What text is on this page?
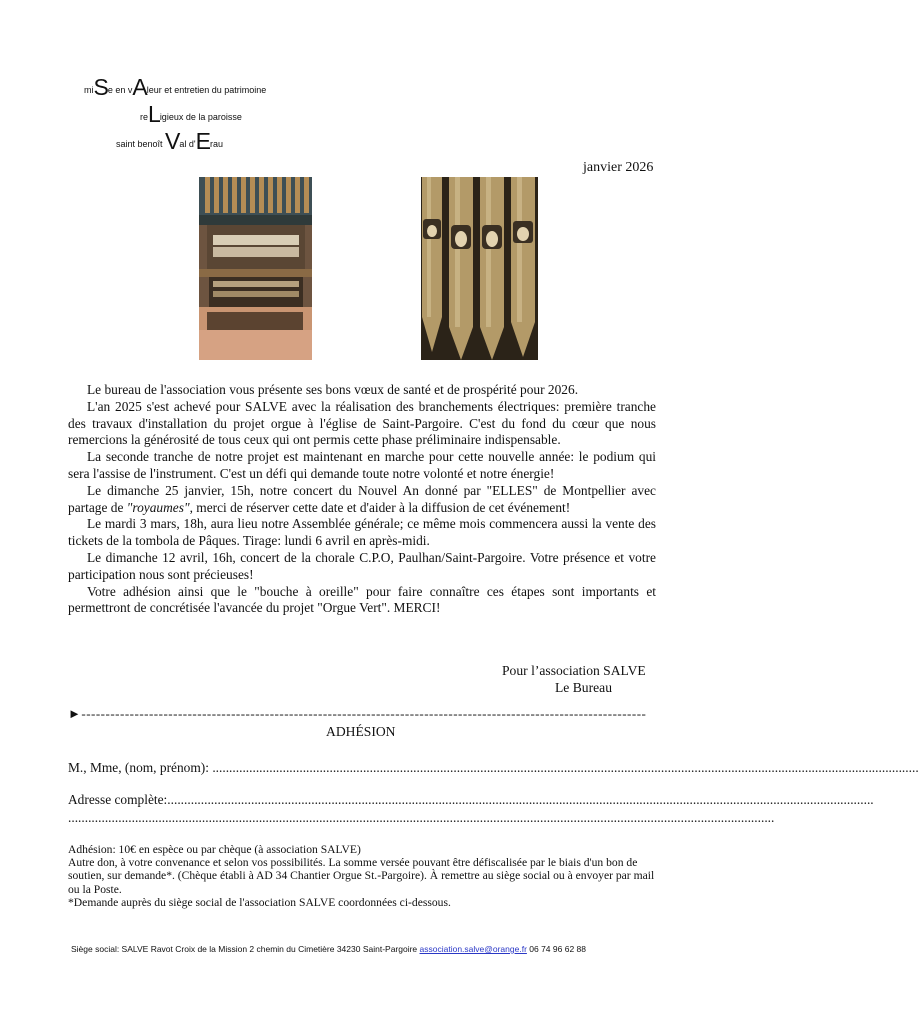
miSe en vAleur et entretien du patrimoine
reLigieux de la paroisse
saint benoît Val d'Erau
janvier 2026

Le bureau de l'association vous présente ses bons vœux de santé et de prospérité pour 2026.

L'an 2025 s'est achevé pour SALVE avec la réalisation des branchements électriques: première tranche des travaux d'installation du projet orgue à l'église de Saint-Pargoire. C'est du fond du cœur que nous remercions la générosité de tous ceux qui ont permis cette phase préliminaire indispensable.

La seconde tranche de notre projet est maintenant en marche pour cette nouvelle année: le podium qui sera l'assise de l'instrument. C'est un défi qui demande toute notre volonté et notre énergie!

Le dimanche 25 janvier, 15h, notre concert du Nouvel An donné par "ELLES" de Montpellier avec partage de "royaumes", merci de réserver cette date et d'aider à la diffusion de cet événement!

Le mardi 3 mars, 18h, aura lieu notre Assemblée générale; ce même mois commencera aussi la vente des tickets de la tombola de Pâques. Tirage: lundi 6 avril en après-midi.

Le dimanche 12 avril, 16h, concert de la chorale C.P.O, Paulhan/Saint-Pargoire. Votre présence et votre participation nous sont précieuses!

Votre adhésion ainsi que le "bouche à oreille" pour faire connaître ces étapes sont importants et permettront de concrétisée l'avancée du projet "Orgue Vert". MERCI!

Pour l’association SALVE
Le Bureau
►---------------------------------------------------------------------------------------------------------------------
ADHÉSION
M., Mme, (nom, prénom): ...................................................................................................................................................................................................................
Adresse complète:...................................................................................................................................................................................................................
...................................................................................................................................................................................................................

Adhésion: 10€ en espèce ou par chèque (à association SALVE)

Autre don, à votre convenance et selon vos possibilités. La somme versée pouvant être défiscalisée par le biais d'un bon de soutien, sur demande*. (Chèque établi à AD 34 Chantier Orgue St.-Pargoire). À remettre au siège social ou à envoyer par mail ou la Poste.

*Demande auprès du siège social de l'association SALVE coordonnées ci-dessous.

Siège social: SALVE Ravot Croix de la Mission 2 chemin du Cimetière 34230 Saint-Pargoire association.salve@orange.fr 06 74 96 62 88
